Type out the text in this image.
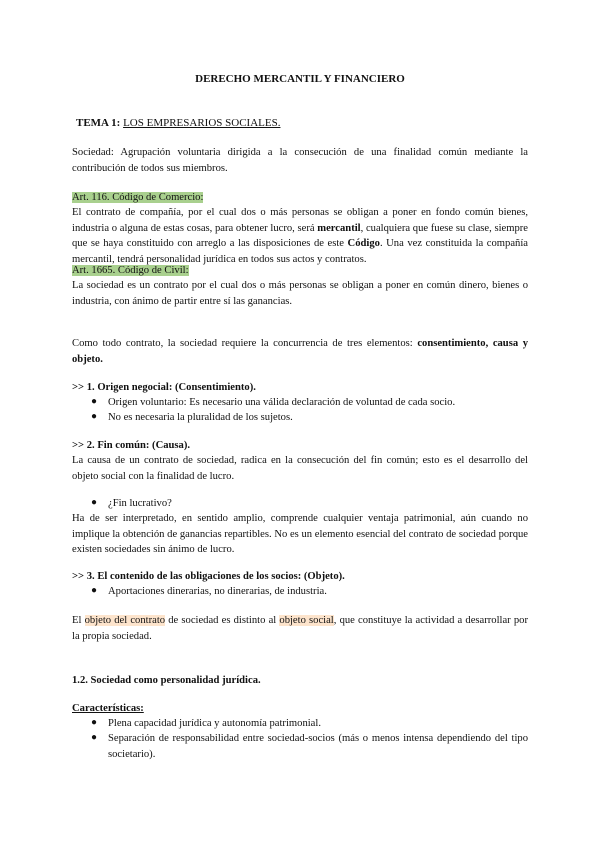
DERECHO MERCANTIL Y FINANCIERO
TEMA 1: LOS EMPRESARIOS SOCIALES.
Sociedad: Agrupación voluntaria dirigida a la consecución de una finalidad común mediante la contribución de todos sus miembros.
Art. 116. Código de Comercio:
El contrato de compañía, por el cual dos o más personas se obligan a poner en fondo común bienes, industria o alguna de estas cosas, para obtener lucro, será mercantil, cualquiera que fuese su clase, siempre que se haya constituido con arreglo a las disposiciones de este Código. Una vez constituida la compañía mercantil, tendrá personalidad jurídica en todos sus actos y contratos.
Art. 1665. Código de Civil:
La sociedad es un contrato por el cual dos o más personas se obligan a poner en común dinero, bienes o industria, con ánimo de partir entre sí las ganancias.
Como todo contrato, la sociedad requiere la concurrencia de tres elementos: consentimiento, causa y objeto.
>> 1. Origen negocial: (Consentimiento).
● Origen voluntario: Es necesario una válida declaración de voluntad de cada socio.
● No es necesaria la pluralidad de los sujetos.
>> 2. Fin común: (Causa).
La causa de un contrato de sociedad, radica en la consecución del fin común; esto es el desarrollo del objeto social con la finalidad de lucro.
● ¿Fin lucrativo?
Ha de ser interpretado, en sentido amplio, comprende cualquier ventaja patrimonial, aún cuando no implique la obtención de ganancias repartibles. No es un elemento esencial del contrato de sociedad porque existen sociedades sin ánimo de lucro.
>> 3. El contenido de las obligaciones de los socios: (Objeto).
● Aportaciones dinerarias, no dinerarias, de industria.
El objeto del contrato de sociedad es distinto al objeto social, que constituye la actividad a desarrollar por la propia sociedad.
1.2. Sociedad como personalidad jurídica.
Características:
● Plena capacidad jurídica y autonomía patrimonial.
● Separación de responsabilidad entre sociedad-socios (más o menos intensa dependiendo del tipo societario).
